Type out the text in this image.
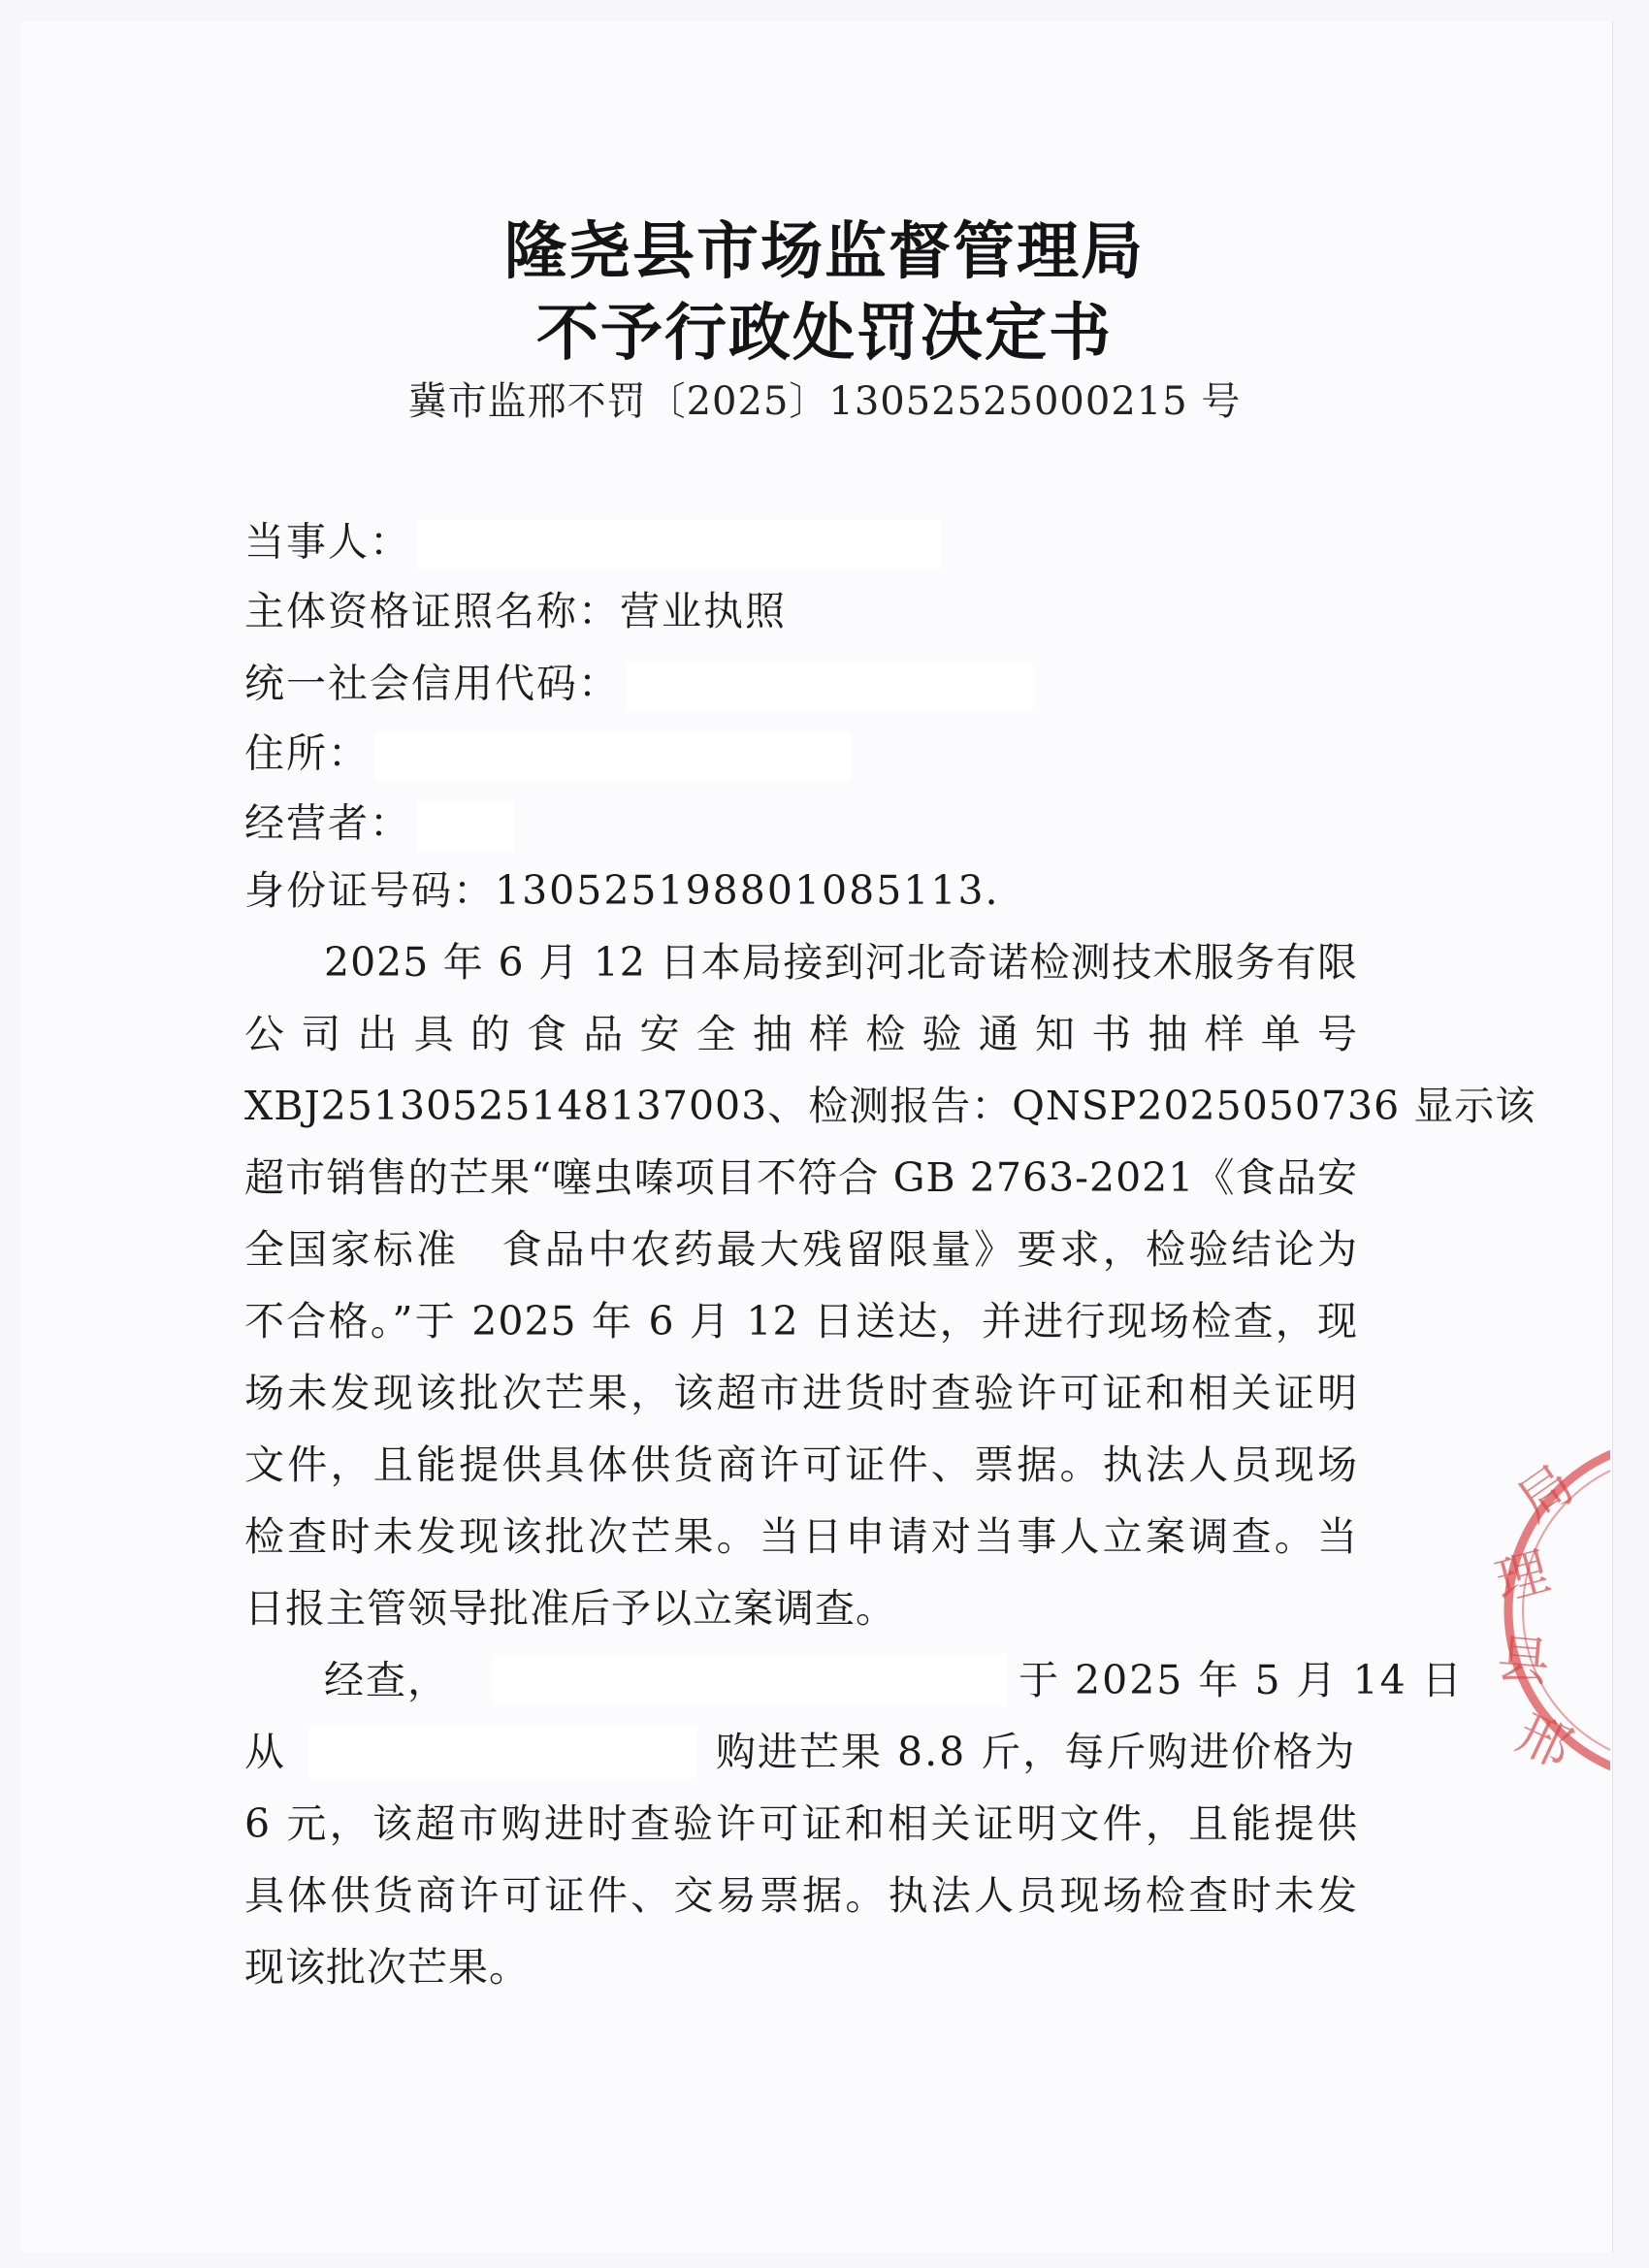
隆尧县市场监督管理局
不予行政处罚决定书
冀市监邢不罚〔2025〕13052525000215 号
当事人：
主体资格证照名称：营业执照
统一社会信用代码：
住所：
经营者：
身份证号码：130525198801085113.
2025 年 6 月 12 日本局接到河北奇诺检测技术服务有限
公司出具的食品安全抽样检验通知书抽样单号
XBJ25130525148137003、检测报告：QNSP2025050736 显示该
超市销售的芒果“噻虫嗪项目不符合 GB 2763-2021《食品安
全国家标准　食品中农药最大残留限量》要求，检验结论为
不合格。”于 2025 年 6 月 12 日送达，并进行现场检查，现
场未发现该批次芒果，该超市进货时查验许可证和相关证明
文件，且能提供具体供货商许可证件、票据。执法人员现场
检查时未发现该批次芒果。当日申请对当事人立案调查。当
日报主管领导批准后予以立案调查。
经查，	于 2025 年 5 月 14 日
从	购进芒果 8.8 斤，每斤购进价格为
6 元，该超市购进时查验许可证和相关证明文件，且能提供
具体供货商许可证件、交易票据。执法人员现场检查时未发
现该批次芒果。
局
理
县
邢
